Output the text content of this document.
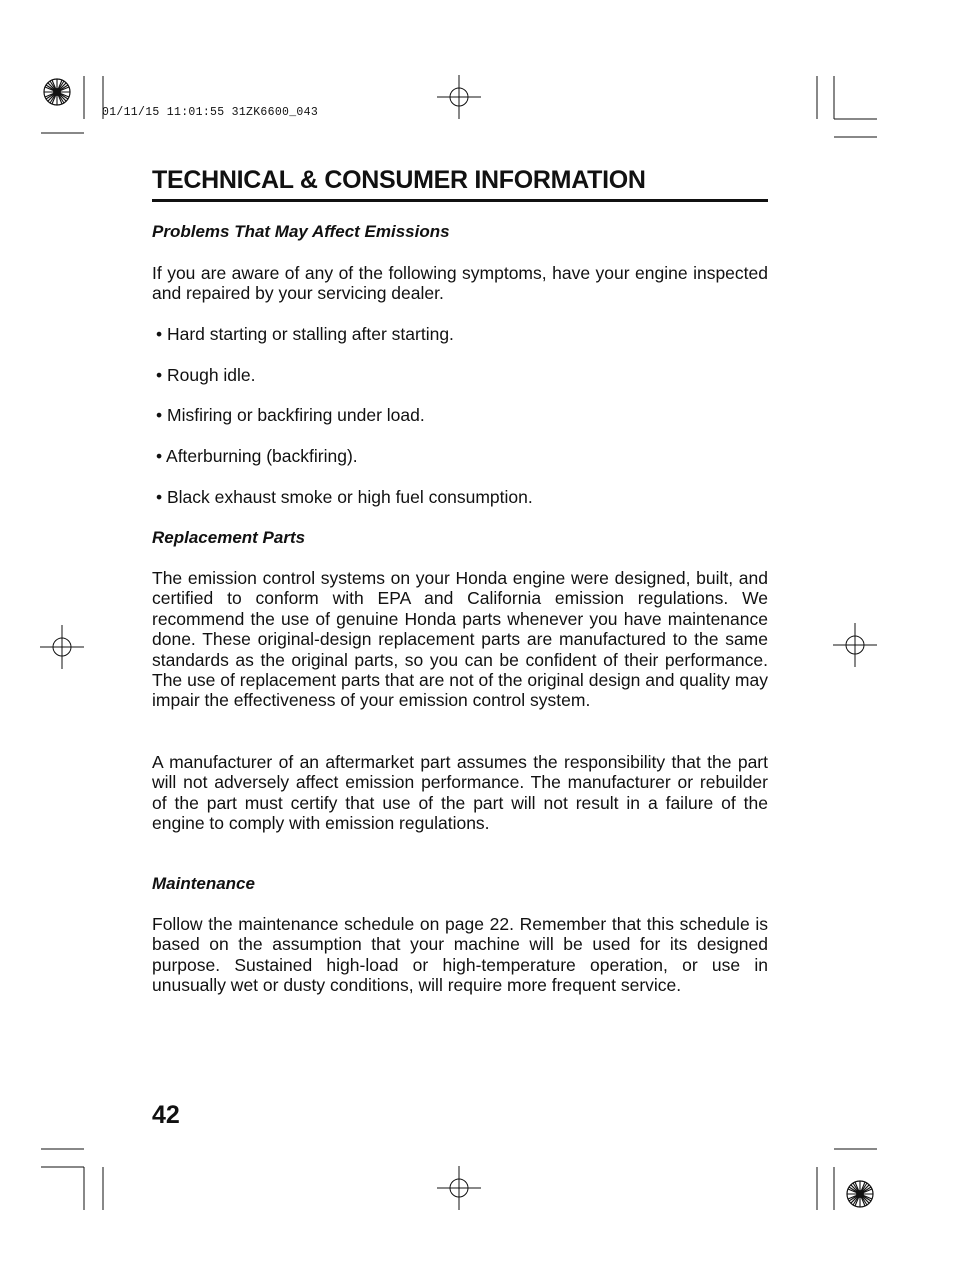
01/11/15 11:01:55 31ZK6600_043
TECHNICAL & CONSUMER INFORMATION
Problems That May Affect Emissions

If you are aware of any of the following symptoms, have your engine inspected and repaired by your servicing dealer.

• Hard starting or stalling after starting.

• Rough idle.

• Misfiring or backfiring under load.

• Afterburning (backfiring).

• Black exhaust smoke or high fuel consumption.

Replacement Parts

The emission control systems on your Honda engine were designed, built, and certified to conform with EPA and California emission regulations. We recommend the use of genuine Honda parts whenever you have maintenance done. These original-design replacement parts are manufactured to the same standards as the original parts, so you can be confident of their performance. The use of replacement parts that are not of the original design and quality may impair the effectiveness of your emission control system.

A manufacturer of an aftermarket part assumes the responsibility that the part will not adversely affect emission performance. The manufacturer or rebuilder of the part must certify that use of the part will not result in a failure of the engine to comply with emission regulations.

Maintenance

Follow the maintenance schedule on page 22. Remember that this schedule is based on the assumption that your machine will be used for its designed purpose. Sustained high-load or high-temperature operation, or use in unusually wet or dusty conditions, will require more frequent service.

42
